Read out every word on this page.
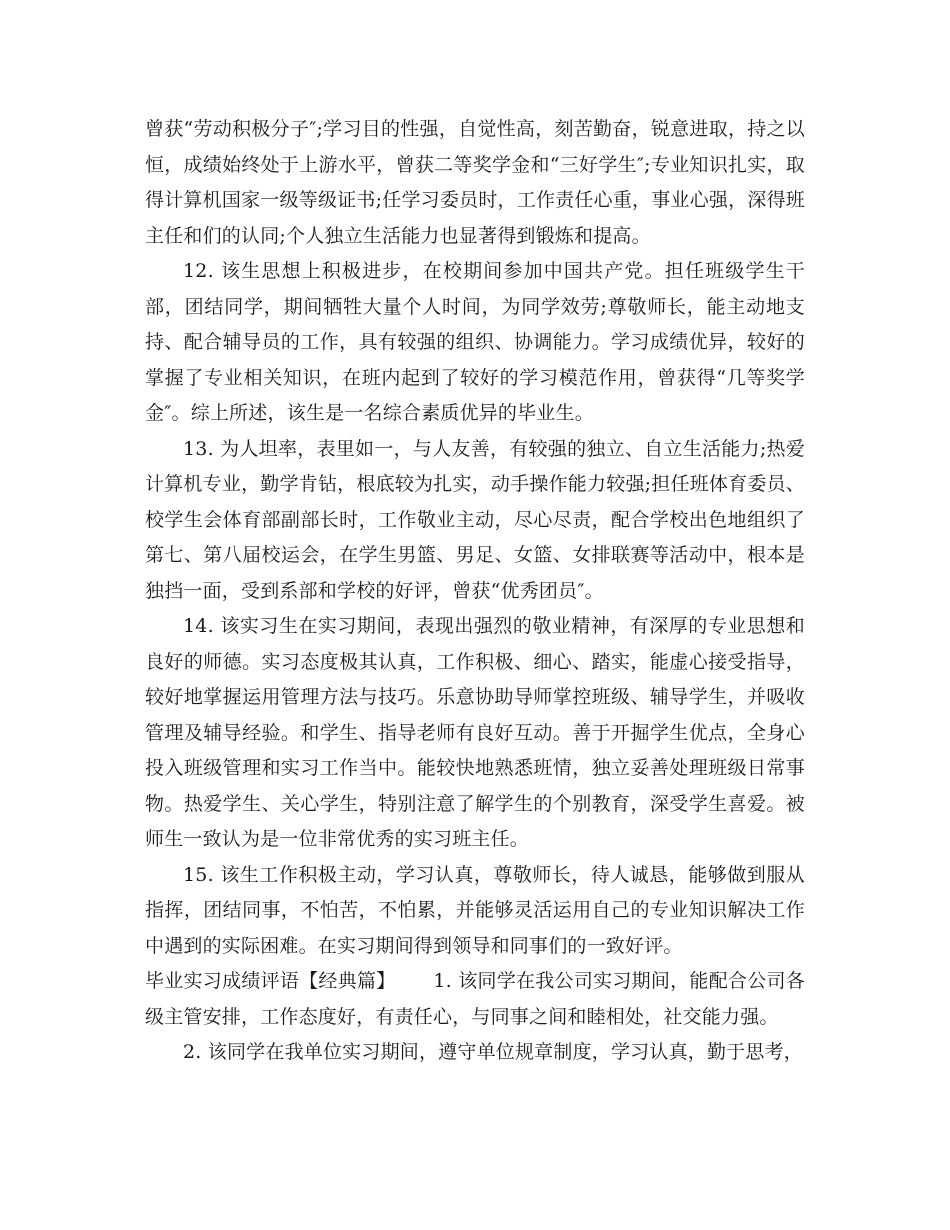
曾获“劳动积极分子″;学习目的性强，自觉性高，刻苦勤奋，锐意进取，持之以恒，成绩始终处于上游水平，曾获二等奖学金和“三好学生″;专业知识扎实，取得计算机国家一级等级证书;任学习委员时，工作责任心重，事业心强，深得班主任和们的认同;个人独立生活能力也显著得到锻炼和提高。

12. 该生思想上积极进步，在校期间参加中国共产党。担任班级学生干部，团结同学，期间牺牲大量个人时间，为同学效劳;尊敬师长，能主动地支持、配合辅导员的工作，具有较强的组织、协调能力。学习成绩优异，较好的掌握了专业相关知识，在班内起到了较好的学习模范作用，曾获得“几等奖学金″。综上所述，该生是一名综合素质优异的毕业生。

13. 为人坦率，表里如一，与人友善，有较强的独立、自立生活能力;热爱计算机专业，勤学肯钻，根底较为扎实，动手操作能力较强;担任班体育委员、校学生会体育部副部长时，工作敬业主动，尽心尽责，配合学校出色地组织了第七、第八届校运会，在学生男篮、男足、女篮、女排联赛等活动中，根本是独挡一面，受到系部和学校的好评，曾获“优秀团员″。

14. 该实习生在实习期间，表现出强烈的敬业精神，有深厚的专业思想和良好的师德。实习态度极其认真，工作积极、细心、踏实，能虚心接受指导，较好地掌握运用管理方法与技巧。乐意协助导师掌控班级、辅导学生，并吸收管理及辅导经验。和学生、指导老师有良好互动。善于开掘学生优点，全身心投入班级管理和实习工作当中。能较快地熟悉班情，独立妥善处理班级日常事物。热爱学生、关心学生，特别注意了解学生的个别教育，深受学生喜爱。被师生一致认为是一位非常优秀的实习班主任。

15. 该生工作积极主动，学习认真，尊敬师长，待人诚恳，能够做到服从指挥，团结同事，不怕苦，不怕累，并能够灵活运用自己的专业知识解决工作中遇到的实际困难。在实习期间得到领导和同事们的一致好评。

毕业实习成绩评语【经典篇】      1. 该同学在我公司实习期间，能配合公司各级主管安排，工作态度好，有责任心，与同事之间和睦相处，社交能力强。

2. 该同学在我单位实习期间，遵守单位规章制度，学习认真，勤于思考，
